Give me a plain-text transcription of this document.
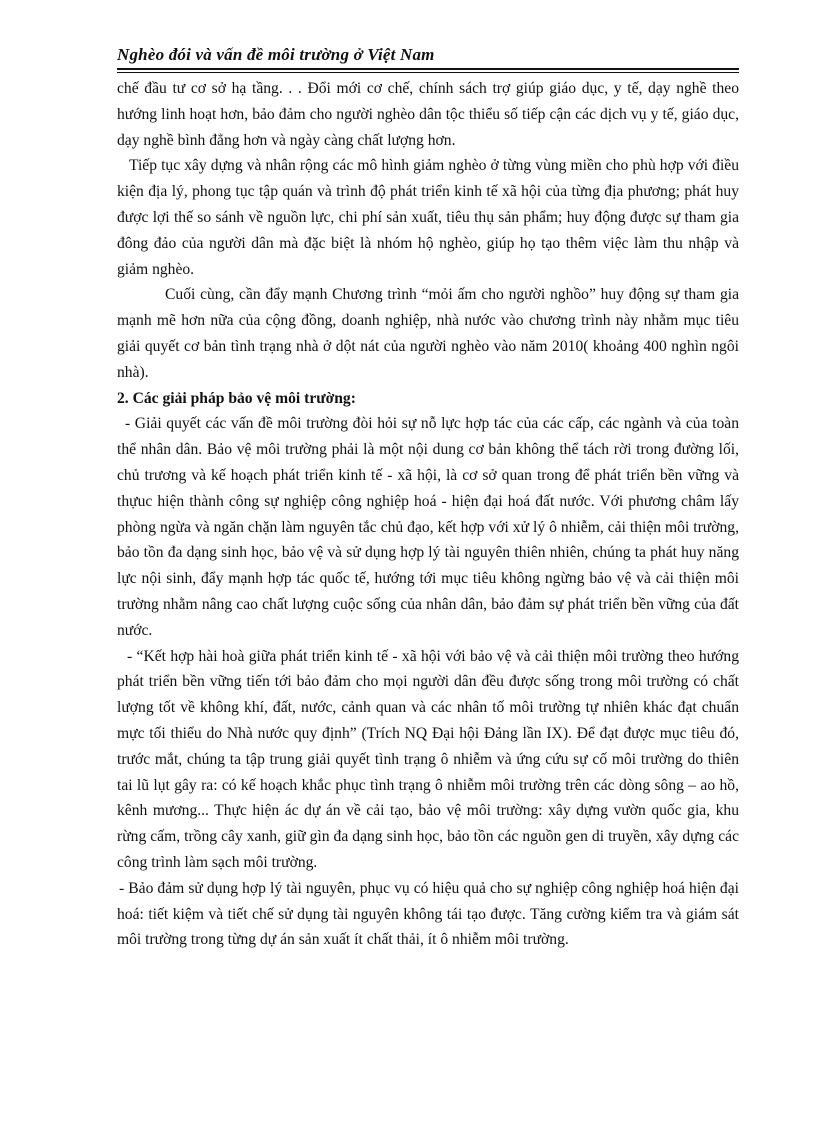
Nghèo đói và vấn đề môi trường ở Việt Nam

chế đầu tư cơ sở hạ tầng. . . Đổi mới cơ chế, chính sách trợ giúp giáo dục, y tế, dạy nghề theo hướng linh hoạt hơn, bảo đảm cho người nghèo dân tộc thiểu số tiếp cận các dịch vụ y tế, giáo dục, dạy nghề bình đẳng hơn và ngày càng chất lượng hơn.

Tiếp tục xây dựng và nhân rộng các mô hình giảm nghèo ở từng vùng miền cho phù hợp với điều kiện địa lý, phong tục tập quán và trình độ phát triển kinh tế xã hội của từng địa phương; phát huy được lợi thế so sánh về nguồn lực, chi phí sản xuất, tiêu thụ sản phẩm; huy động được sự tham gia đông đảo của người dân mà đặc biệt là nhóm hộ nghèo, giúp họ tạo thêm việc làm thu nhập và giảm nghèo.

Cuối cùng, cần đẩy mạnh Chương trình “mỏi ấm cho người nghồo” huy động sự tham gia mạnh mẽ hơn nữa của cộng đồng, doanh nghiệp, nhà nước vào chương trình này nhằm mục tiêu giải quyết cơ bản tình trạng nhà ở dột nát của người nghèo vào năm 2010( khoảng 400 nghìn ngôi nhà).

2. Các giải pháp bảo vệ môi trường:

- Giải quyết các vấn đề môi trường đòi hỏi sự nỗ lực hợp tác của các cấp, các ngành và của toàn thể nhân dân. Bảo vệ môi trường phải là một nội dung cơ bản không thể tách rời trong đường lối, chủ trương và kế hoạch phát triển kinh tế - xã hội, là cơ sở quan trong để phát triển bền vững và thựuc hiện thành công sự nghiệp công nghiệp hoá - hiện đại hoá đất nước. Với phương châm lấy phòng ngừa và ngăn chặn làm nguyên tắc chủ đạo, kết hợp với xử lý ô nhiễm, cải thiện môi trường, bảo tồn đa dạng sinh học, bảo vệ và sử dụng hợp lý tài nguyên thiên nhiên, chúng ta phát huy năng lực nội sinh, đẩy mạnh hợp tác quốc tế, hướng tới mục tiêu không ngừng bảo vệ và cải thiện môi trường nhằm nâng cao chất lượng cuộc sống của nhân dân, bảo đảm sự phát triển bền vững của đất nước.

- “Kết hợp hài hoà giữa phát triển kinh tế - xã hội với bảo vệ và cải thiện môi trường theo hướng phát triển bền vững tiến tới bảo đảm cho mọi người dân đều được sống trong môi trường có chất lượng tốt về không khí, đất, nước, cảnh quan và các nhân tố môi trường tự nhiên khác đạt chuẩn mực tối thiểu do Nhà nước quy định” (Trích NQ Đại hội Đảng lần IX). Để đạt được mục tiêu đó, trước mắt, chúng ta tập trung giải quyết tình trạng ô nhiễm và ứng cứu sự cố môi trường do thiên tai lũ lụt gây ra: có kế hoạch khắc phục tình trạng ô nhiễm môi trường trên các dòng sông – ao hồ, kênh mương... Thực hiện ác dự án về cải tạo, bảo vệ môi trường: xây dựng vườn quốc gia, khu rừng cấm, trồng cây xanh, giữ gìn đa dạng sinh học, bảo tồn các nguồn gen di truyền, xây dựng các công trình làm sạch môi trường.

- Bảo đảm sử dụng hợp lý tài nguyên, phục vụ có hiệu quả cho sự nghiệp công nghiệp hoá hiện đại hoá: tiết kiệm và tiết chế sử dụng tài nguyên không tái tạo được. Tăng cường kiểm tra và giám sát môi trường trong từng dự án sản xuất ít chất thải, ít ô nhiễm môi trường.
